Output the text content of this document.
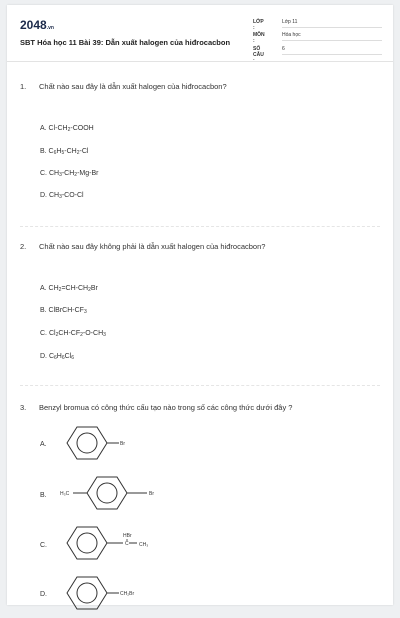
2048.vn
SBT Hóa học 11 Bài 39: Dẫn xuất halogen của hiđrocacbon
LỚP :
Lớp 11
MÔN :
Hóa học
SỐ CÂU :
6
1. Chất nào sau đây là dẫn xuất halogen của hiđrocacbon?
A. $Cl-CH_2$-COOH
B. $C_6H_5-CH_2-Cl$
C. $CH_3-CH_2-Mg-Br$
D. $CH_3-CO-Cl$
2. Chất nào sau đây không phải là dẫn xuất halogen của hiđrocacbon?
A. $CH_2=CH-CH_2Br$
B. ClBrCH-$CF_3$
C. $Cl_2CH-CF_2-O-CH_3$
D. $C_6H_6Cl_6$
3. Benzyl bromua có công thức cấu tạo nào trong số các công thức dưới đây ?
A.	Br
B.	H₃C	Br
C.
HBr
C CH₃
D.	CH₂Br
